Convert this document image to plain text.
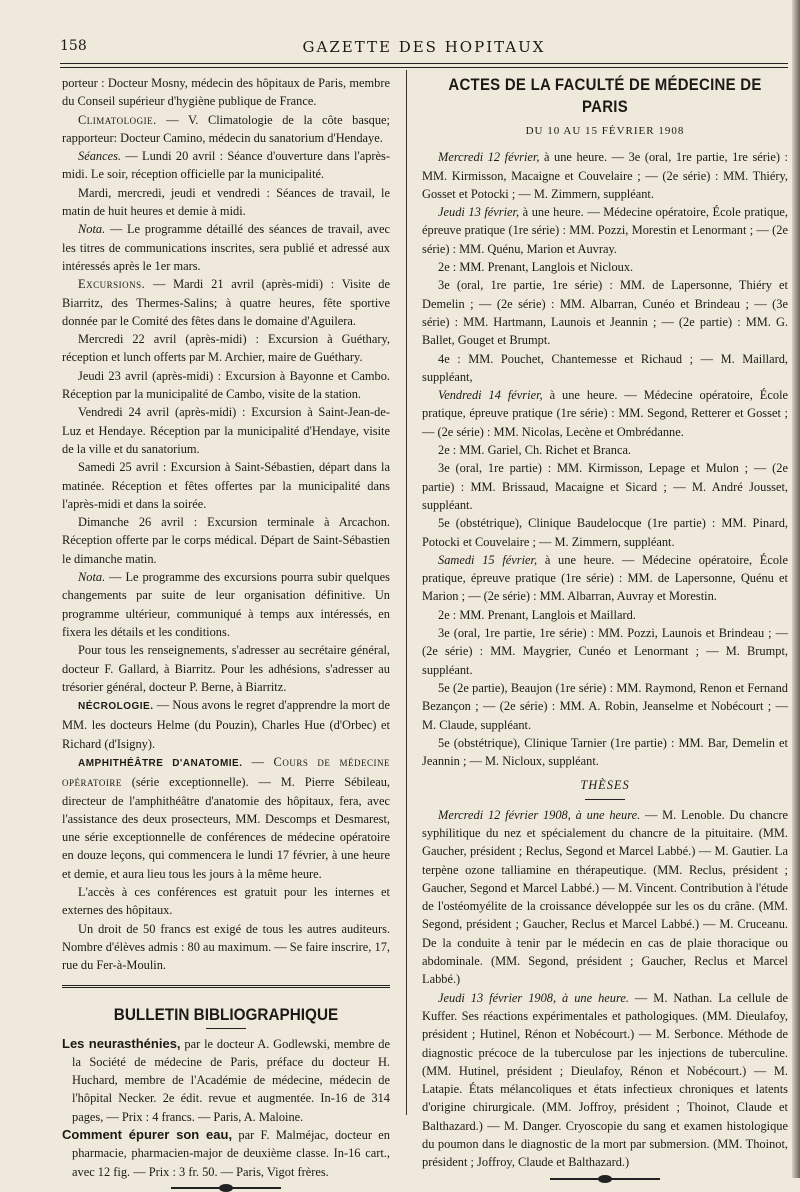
158	GAZETTE DES HOPITAUX

porteur : Docteur Mosny, médecin des hôpitaux de Paris, membre du Conseil supérieur d'hygiène publique de France.

Climatologie. — V. Climatologie de la côte basque; rapporteur: Docteur Camino, médecin du sanatorium d'Hendaye.

Séances. — Lundi 20 avril : Séance d'ouverture dans l'après-midi. Le soir, réception officielle par la municipalité.

Mardi, mercredi, jeudi et vendredi : Séances de travail, le matin de huit heures et demie à midi.

Nota. — Le programme détaillé des séances de travail, avec les titres de communications inscrites, sera publié et adressé aux intéressés après le 1er mars.

Excursions. — Mardi 21 avril (après-midi) : Visite de Biarritz, des Thermes-Salins; à quatre heures, fête sportive donnée par le Comité des fêtes dans le domaine d'Aguilera.

Mercredi 22 avril (après-midi) : Excursion à Guéthary, réception et lunch offerts par M. Archier, maire de Guéthary.

Jeudi 23 avril (après-midi) : Excursion à Bayonne et Cambo. Réception par la municipalité de Cambo, visite de la station.

Vendredi 24 avril (après-midi) : Excursion à Saint-Jean-de-Luz et Hendaye. Réception par la municipalité d'Hendaye, visite de la ville et du sanatorium.

Samedi 25 avril : Excursion à Saint-Sébastien, départ dans la matinée. Réception et fêtes offertes par la municipalité dans l'après-midi et dans la soirée.

Dimanche 26 avril : Excursion terminale à Arcachon. Réception offerte par le corps médical. Départ de Saint-Sébastien le dimanche matin.

Nota. — Le programme des excursions pourra subir quelques changements par suite de leur organisation définitive. Un programme ultérieur, communiqué à temps aux intéressés, en fixera les détails et les conditions.

Pour tous les renseignements, s'adresser au secrétaire général, docteur F. Gallard, à Biarritz. Pour les adhésions, s'adresser au trésorier général, docteur P. Berne, à Biarritz.

NÉCROLOGIE. — Nous avons le regret d'apprendre la mort de MM. les docteurs Helme (du Pouzin), Charles Hue (d'Orbec) et Richard (d'Isigny).

AMPHITHÉÂTRE D'ANATOMIE. — Cours de médecine opératoire (série exceptionnelle). — M. Pierre Sébileau, directeur de l'amphithéâtre d'anatomie des hôpitaux, fera, avec l'assistance des deux prosecteurs, MM. Descomps et Desmarest, une série exceptionnelle de conférences de médecine opératoire en douze leçons, qui commencera le lundi 17 février, à une heure et demie, et aura lieu tous les jours à la même heure.

L'accès à ces conférences est gratuit pour les internes et externes des hôpitaux.

Un droit de 50 francs est exigé de tous les autres auditeurs. Nombre d'élèves admis : 80 au maximum. — Se faire inscrire, 17, rue du Fer-à-Moulin.

BULLETIN BIBLIOGRAPHIQUE

Les neurasthénies, par le docteur A. Godlewski, membre de la Société de médecine de Paris, préface du docteur H. Huchard, membre de l'Académie de médecine, médecin de l'hôpital Necker. 2e édit. revue et augmentée. In-16 de 314 pages, — Prix : 4 francs. — Paris, A. Maloine.

Comment épurer son eau, par F. Malméjac, docteur en pharmacie, pharmacien-major de deuxième classe. In-16 cart., avec 12 fig. — Prix : 3 fr. 50. — Paris, Vigot frères.

ACTES DE LA FACULTÉ DE MÉDECINE DE PARIS
DU 10 AU 15 FÉVRIER 1908

Mercredi 12 février, à une heure. — 3e (oral, 1re partie, 1re série) : MM. Kirmisson, Macaigne et Couvelaire ; — (2e série) : MM. Thiéry, Gosset et Potocki ; — M. Zimmern, suppléant.

Jeudi 13 février, à une heure. — Médecine opératoire, École pratique, épreuve pratique (1re série) : MM. Pozzi, Morestin et Lenormant ; — (2e série) : MM. Quénu, Marion et Auvray.

2e : MM. Prenant, Langlois et Nicloux.

3e (oral, 1re partie, 1re série) : MM. de Lapersonne, Thiéry et Demelin ; — (2e série) : MM. Albarran, Cunéo et Brindeau ; — (3e série) : MM. Hartmann, Launois et Jeannin ; — (2e partie) : MM. G. Ballet, Gouget et Brumpt.

4e : MM. Pouchet, Chantemesse et Richaud ; — M. Maillard, suppléant,

Vendredi 14 février, à une heure. — Médecine opératoire, École pratique, épreuve pratique (1re série) : MM. Segond, Retterer et Gosset ; — (2e série) : MM. Nicolas, Lecène et Ombrédanne.

2e : MM. Gariel, Ch. Richet et Branca.

3e (oral, 1re partie) : MM. Kirmisson, Lepage et Mulon ; — (2e partie) : MM. Brissaud, Macaigne et Sicard ; — M. André Jousset, suppléant.

5e (obstétrique), Clinique Baudelocque (1re partie) : MM. Pinard, Potocki et Couvelaire ; — M. Zimmern, suppléant.

Samedi 15 février, à une heure. — Médecine opératoire, École pratique, épreuve pratique (1re série) : MM. de Lapersonne, Quénu et Marion ; — (2e série) : MM. Albarran, Auvray et Morestin.

2e : MM. Prenant, Langlois et Maillard.

3e (oral, 1re partie, 1re série) : MM. Pozzi, Launois et Brindeau ; — (2e série) : MM. Maygrier, Cunéo et Lenormant ; — M. Brumpt, suppléant.

5e (2e partie), Beaujon (1re série) : MM. Raymond, Renon et Fernand Bezançon ; — (2e série) : MM. A. Robin, Jeanselme et Nobécourt ; — M. Claude, suppléant.

5e (obstétrique), Clinique Tarnier (1re partie) : MM. Bar, Demelin et Jeannin ; — M. Nicloux, suppléant.

THÈSES

Mercredi 12 février 1908, à une heure. — M. Lenoble. Du chancre syphilitique du nez et spécialement du chancre de la pituitaire. (MM. Gaucher, président ; Reclus, Segond et Marcel Labbé.) — M. Gautier. La terpène ozone talliamine en thérapeutique. (MM. Reclus, président ; Gaucher, Segond et Marcel Labbé.) — M. Vincent. Contribution à l'étude de l'ostéomyélite de la croissance développée sur les os du crâne. (MM. Segond, président ; Gaucher, Reclus et Marcel Labbé.) — M. Cruceanu. De la conduite à tenir par le médecin en cas de plaie thoracique ou abdominale. (MM. Segond, président ; Gaucher, Reclus et Marcel Labbé.)

Jeudi 13 février 1908, à une heure. — M. Nathan. La cellule de Kuffer. Ses réactions expérimentales et pathologiques. (MM. Dieulafoy, président ; Hutinel, Rénon et Nobécourt.) — M. Serbonce. Méthode de diagnostic précoce de la tuberculose par les injections de tuberculine. (MM. Hutinel, président ; Dieulafoy, Rénon et Nobécourt.) — M. Latapie. États mélancoliques et états infectieux chroniques et latents d'origine chirurgicale. (MM. Joffroy, président ; Thoinot, Claude et Balthazard.) — M. Danger. Cryoscopie du sang et examen histologique du poumon dans le diagnostic de la mort par submersion. (MM. Thoinot, président ; Joffroy, Claude et Balthazard.)
